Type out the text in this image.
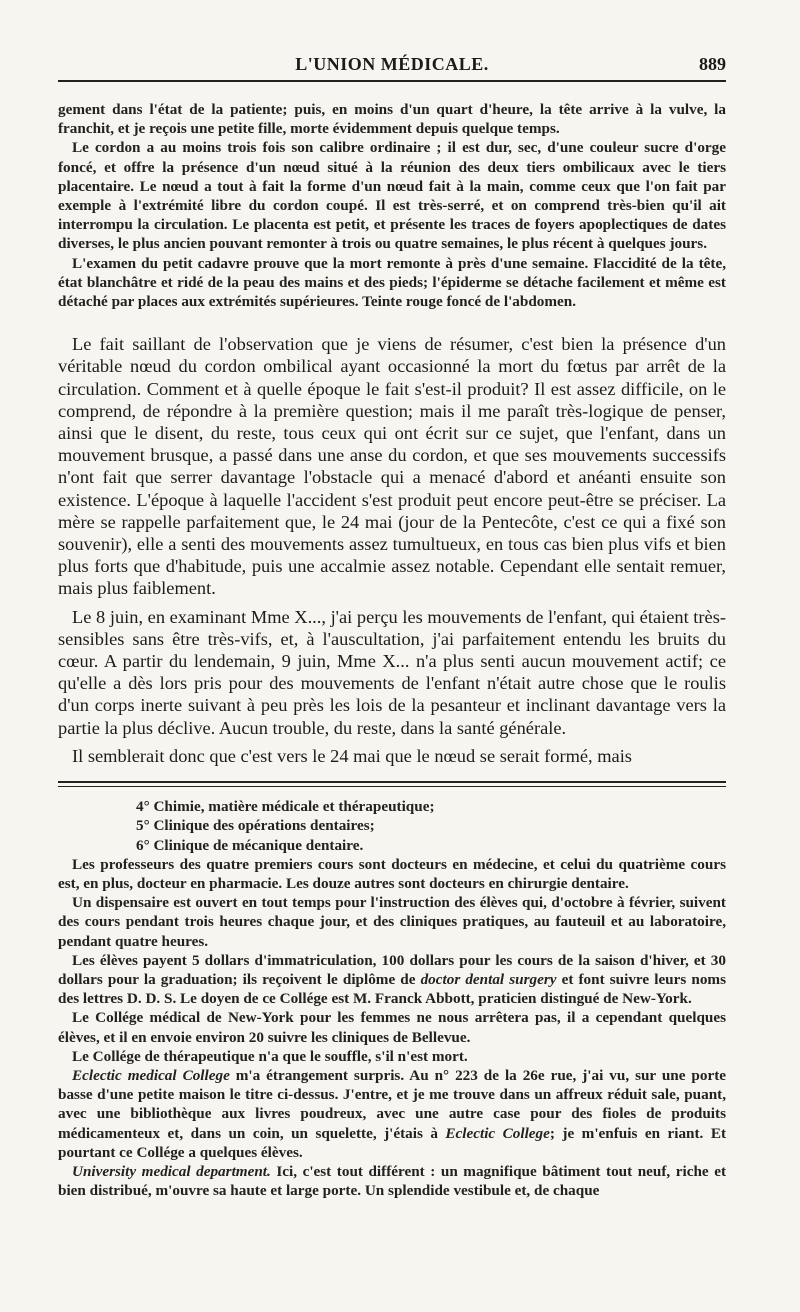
L'UNION MÉDICALE.	889

gement dans l'état de la patiente; puis, en moins d'un quart d'heure, la tête arrive à la vulve, la franchit, et je reçois une petite fille, morte évidemment depuis quelque temps.

Le cordon a au moins trois fois son calibre ordinaire ; il est dur, sec, d'une couleur sucre d'orge foncé, et offre la présence d'un nœud situé à la réunion des deux tiers ombilicaux avec le tiers placentaire. Le nœud a tout à fait la forme d'un nœud fait à la main, comme ceux que l'on fait par exemple à l'extrémité libre du cordon coupé. Il est très-serré, et on comprend très-bien qu'il ait interrompu la circulation. Le placenta est petit, et présente les traces de foyers apoplectiques de dates diverses, le plus ancien pouvant remonter à trois ou quatre semaines, le plus récent à quelques jours.

L'examen du petit cadavre prouve que la mort remonte à près d'une semaine. Flaccidité de la tête, état blanchâtre et ridé de la peau des mains et des pieds; l'épiderme se détache facilement et même est détaché par places aux extrémités supérieures. Teinte rouge foncé de l'abdomen.

Le fait saillant de l'observation que je viens de résumer, c'est bien la présence d'un véritable nœud du cordon ombilical ayant occasionné la mort du fœtus par arrêt de la circulation. Comment et à quelle époque le fait s'est-il produit? Il est assez difficile, on le comprend, de répondre à la première question; mais il me paraît très-logique de penser, ainsi que le disent, du reste, tous ceux qui ont écrit sur ce sujet, que l'enfant, dans un mouvement brusque, a passé dans une anse du cordon, et que ses mouvements successifs n'ont fait que serrer davantage l'obstacle qui a menacé d'abord et anéanti ensuite son existence. L'époque à laquelle l'accident s'est produit peut encore peut-être se préciser. La mère se rappelle parfaitement que, le 24 mai (jour de la Pentecôte, c'est ce qui a fixé son souvenir), elle a senti des mouvements assez tumultueux, en tous cas bien plus vifs et bien plus forts que d'habitude, puis une accalmie assez notable. Cependant elle sentait remuer, mais plus faiblement.

Le 8 juin, en examinant Mme X..., j'ai perçu les mouvements de l'enfant, qui étaient très-sensibles sans être très-vifs, et, à l'auscultation, j'ai parfaitement entendu les bruits du cœur. A partir du lendemain, 9 juin, Mme X... n'a plus senti aucun mouvement actif; ce qu'elle a dès lors pris pour des mouvements de l'enfant n'était autre chose que le roulis d'un corps inerte suivant à peu près les lois de la pesanteur et inclinant davantage vers la partie la plus déclive. Aucun trouble, du reste, dans la santé générale.

Il semblerait donc que c'est vers le 24 mai que le nœud se serait formé, mais

4° Chimie, matière médicale et thérapeutique;
5° Clinique des opérations dentaires;
6° Clinique de mécanique dentaire.

Les professeurs des quatre premiers cours sont docteurs en médecine, et celui du quatrième cours est, en plus, docteur en pharmacie. Les douze autres sont docteurs en chirurgie dentaire.

Un dispensaire est ouvert en tout temps pour l'instruction des élèves qui, d'octobre à février, suivent des cours pendant trois heures chaque jour, et des cliniques pratiques, au fauteuil et au laboratoire, pendant quatre heures.

Les élèves payent 5 dollars d'immatriculation, 100 dollars pour les cours de la saison d'hiver, et 30 dollars pour la graduation; ils reçoivent le diplôme de doctor dental surgery et font suivre leurs noms des lettres D. D. S. Le doyen de ce Collége est M. Franck Abbott, praticien distingué de New-York.

Le Collége médical de New-York pour les femmes ne nous arrêtera pas, il a cependant quelques élèves, et il en envoie environ 20 suivre les cliniques de Bellevue.

Le Collége de thérapeutique n'a que le souffle, s'il n'est mort.

Eclectic medical College m'a étrangement surpris. Au n° 223 de la 26e rue, j'ai vu, sur une porte basse d'une petite maison le titre ci-dessus. J'entre, et je me trouve dans un affreux réduit sale, puant, avec une bibliothèque aux livres poudreux, avec une autre case pour des fioles de produits médicamenteux et, dans un coin, un squelette, j'étais à Eclectic College; je m'enfuis en riant. Et pourtant ce Collége a quelques élèves.

University medical department. Ici, c'est tout différent : un magnifique bâtiment tout neuf, riche et bien distribué, m'ouvre sa haute et large porte. Un splendide vestibule et, de chaque
